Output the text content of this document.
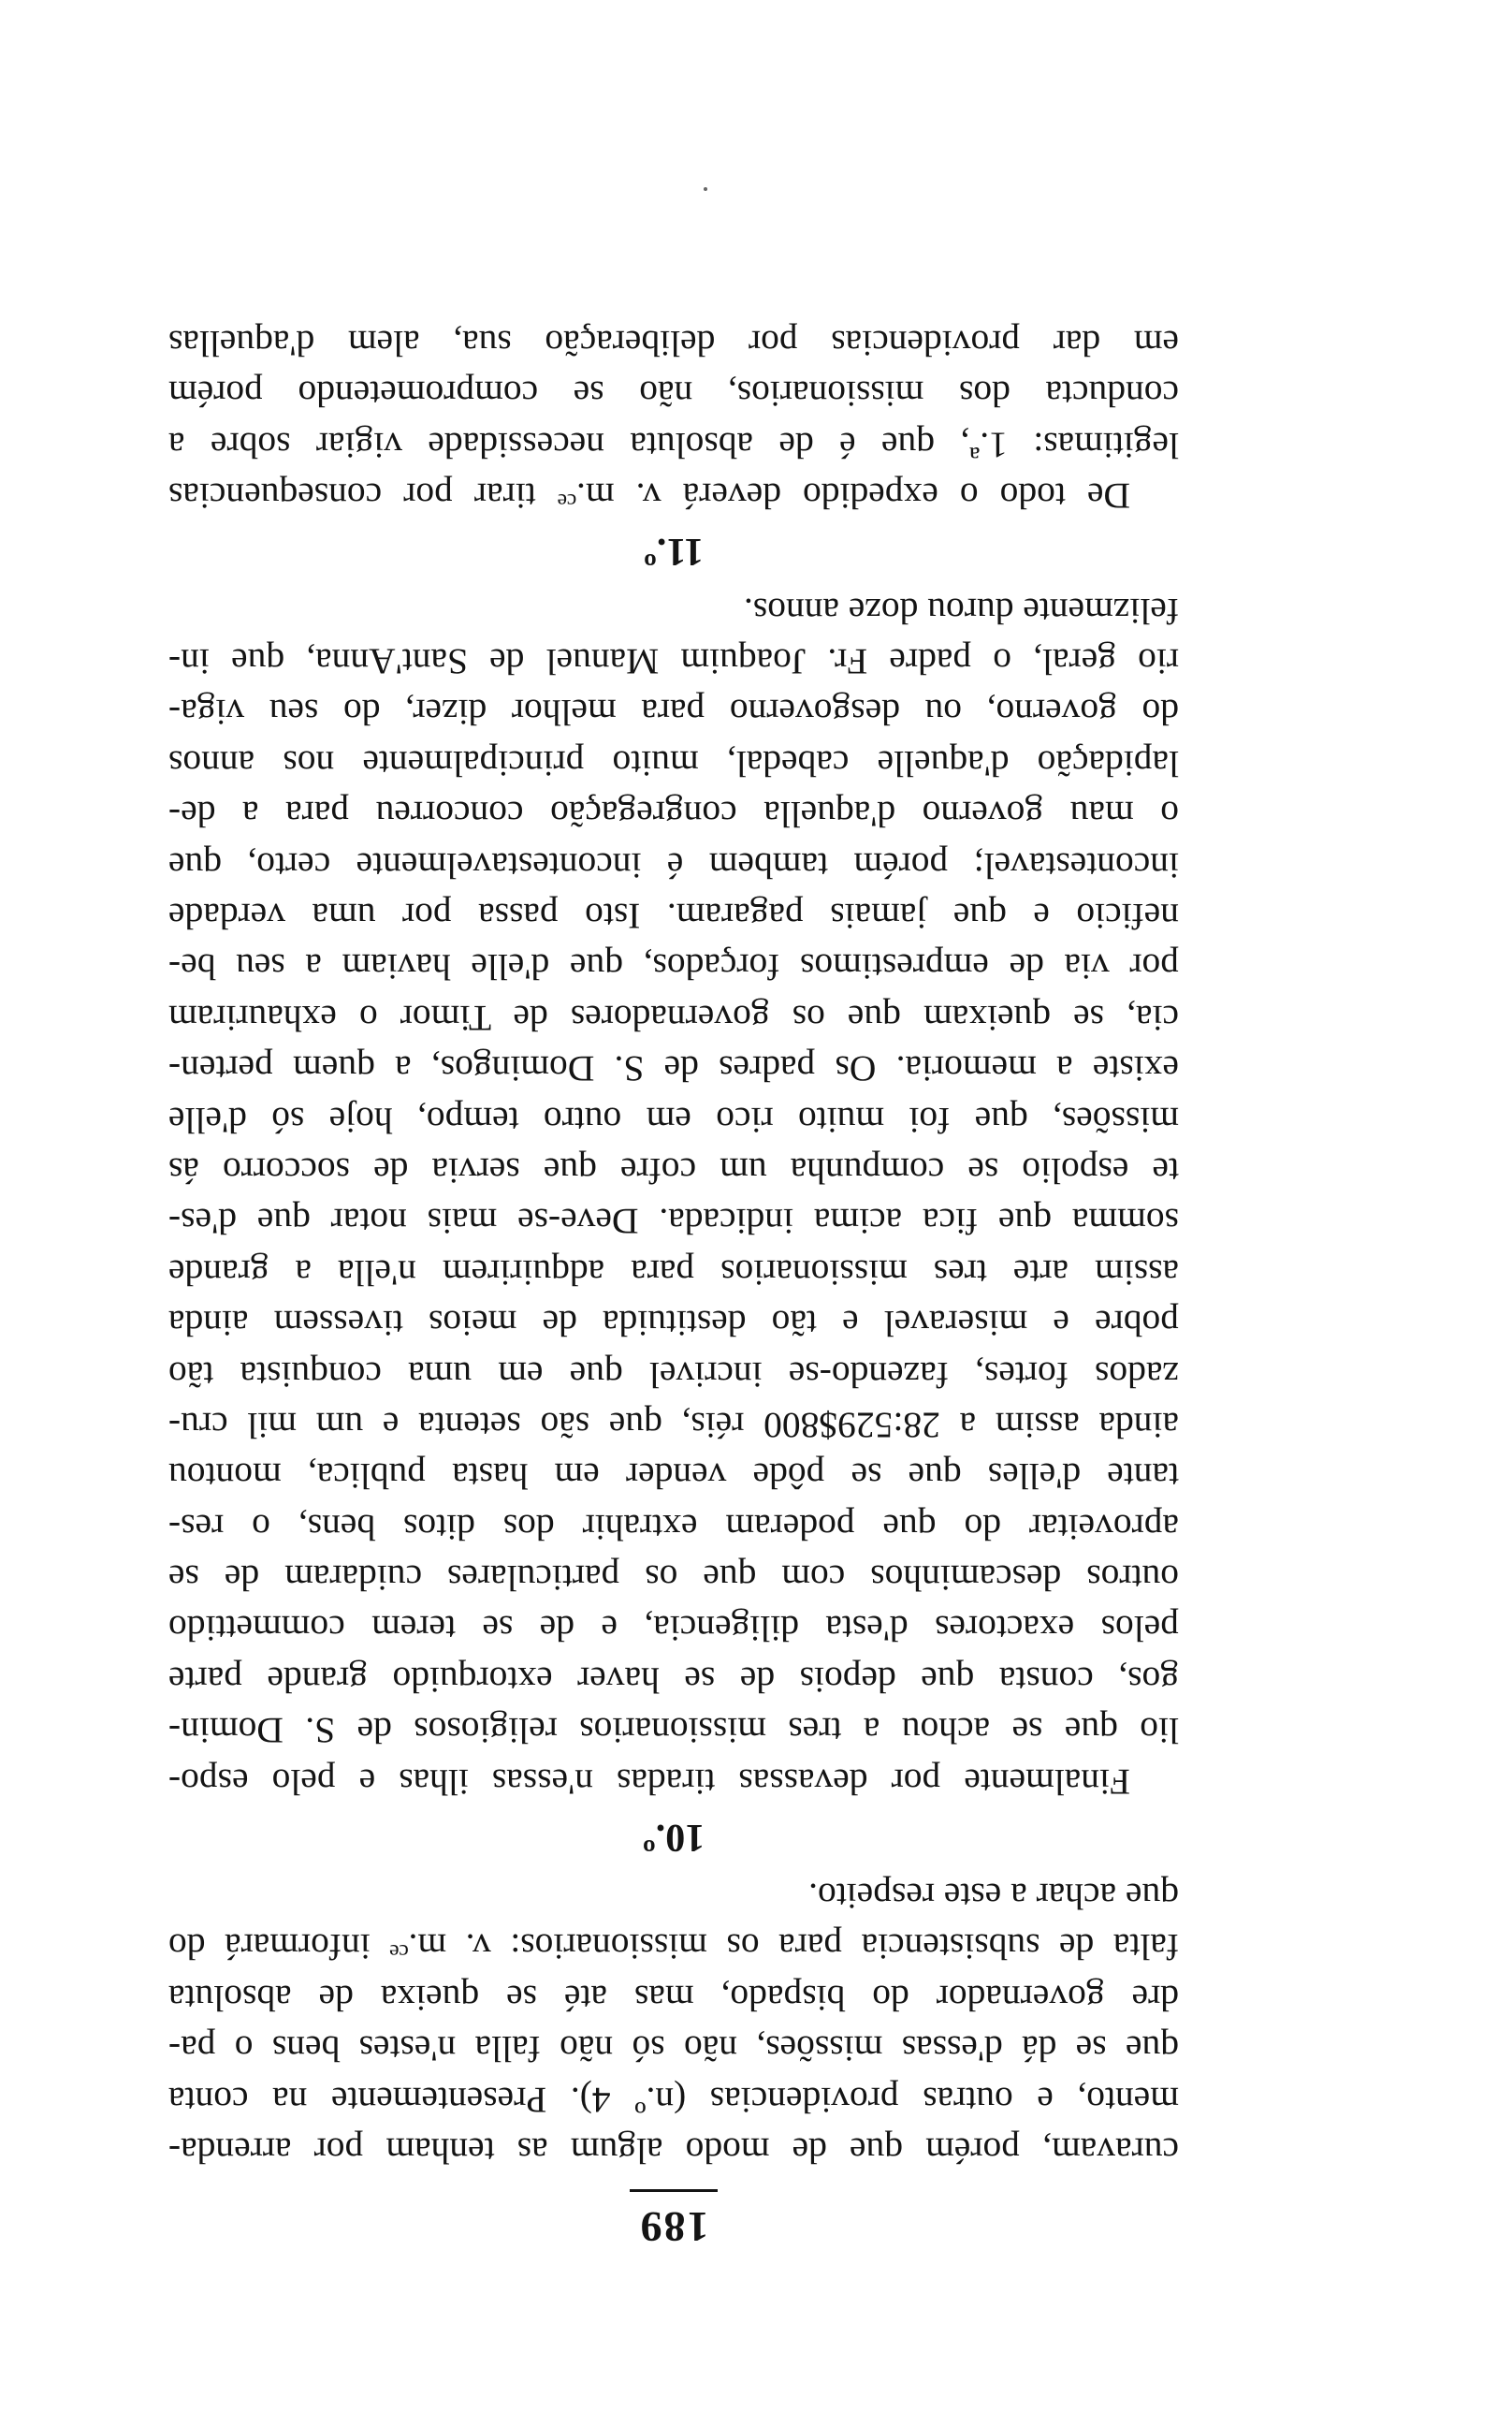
189

curavam, porém que de modo algum as tenham por arrenda-
mento, e outras providencias (n.º 4). Presentemente na conta
que se dá d'essas missões, não só não falla n'estes bens o pa-
dre governador do bispado, mas até se queixa de absoluta
falta de subsistencia para os missionarios: v. m.ᶜᵉ informará do
que achar a este respeito.

10.º

Finalmente por devassas tiradas n'essas ilhas e pelo espo-
lio que se achou a tres missionarios religiosos de S. Domin-
gos, consta que depois de se haver extorquido grande parte
pelos exactores d'esta diligencia, e de se terem commettido
outros descaminhos com que os particulares cuidaram de se
aproveitar do que poderam extrahir dos ditos bens, o res-
tante d'elles que se pôde vender em hasta publica, montou
ainda assim a 28:529$800 réis, que são setenta e um mil cru-
zados fortes, fazendo-se incrivel que em uma conquista tão
pobre e miseravel e tão destituida de meios tivessem ainda
assim arte tres missionarios para adquirirem n'ella a grande
somma que fica acima indicada. Deve-se mais notar que d'es-
te espolio se compunha um cofre que servia de soccorro ás
missões, que foi muito rico em outro tempo, hoje só d'elle
existe a memoria. Os padres de S. Domingos, a quem perten-
cia, se queixam que os governadores de Timor o exhauriram
por via de emprestimos forçados, que d'elle haviam a seu be-
neficio e que jamais pagaram. Isto passa por uma verdade
incontestavel; porém tambem é incontestavelmente certo, que
o mau governo d'aquella congregação concorreu para a de-
lapidação d'aquelle cabedal, muito principalmente nos annos
do governo, ou desgoverno para melhor dizer, do seu viga-
rio geral, o padre Fr. Joaquim Manuel de Sant'Anna, que in-
felizmente durou doze annos.

11.º

De todo o expedido deverá v. m.ᶜᵉ tirar por consequencias
legitimas: 1.ª, que é de absoluta necessidade vigiar sobre a
conducta dos missionarios, não se comprometendo porém
em dar providencias por deliberação sua, alem d'aquellas
